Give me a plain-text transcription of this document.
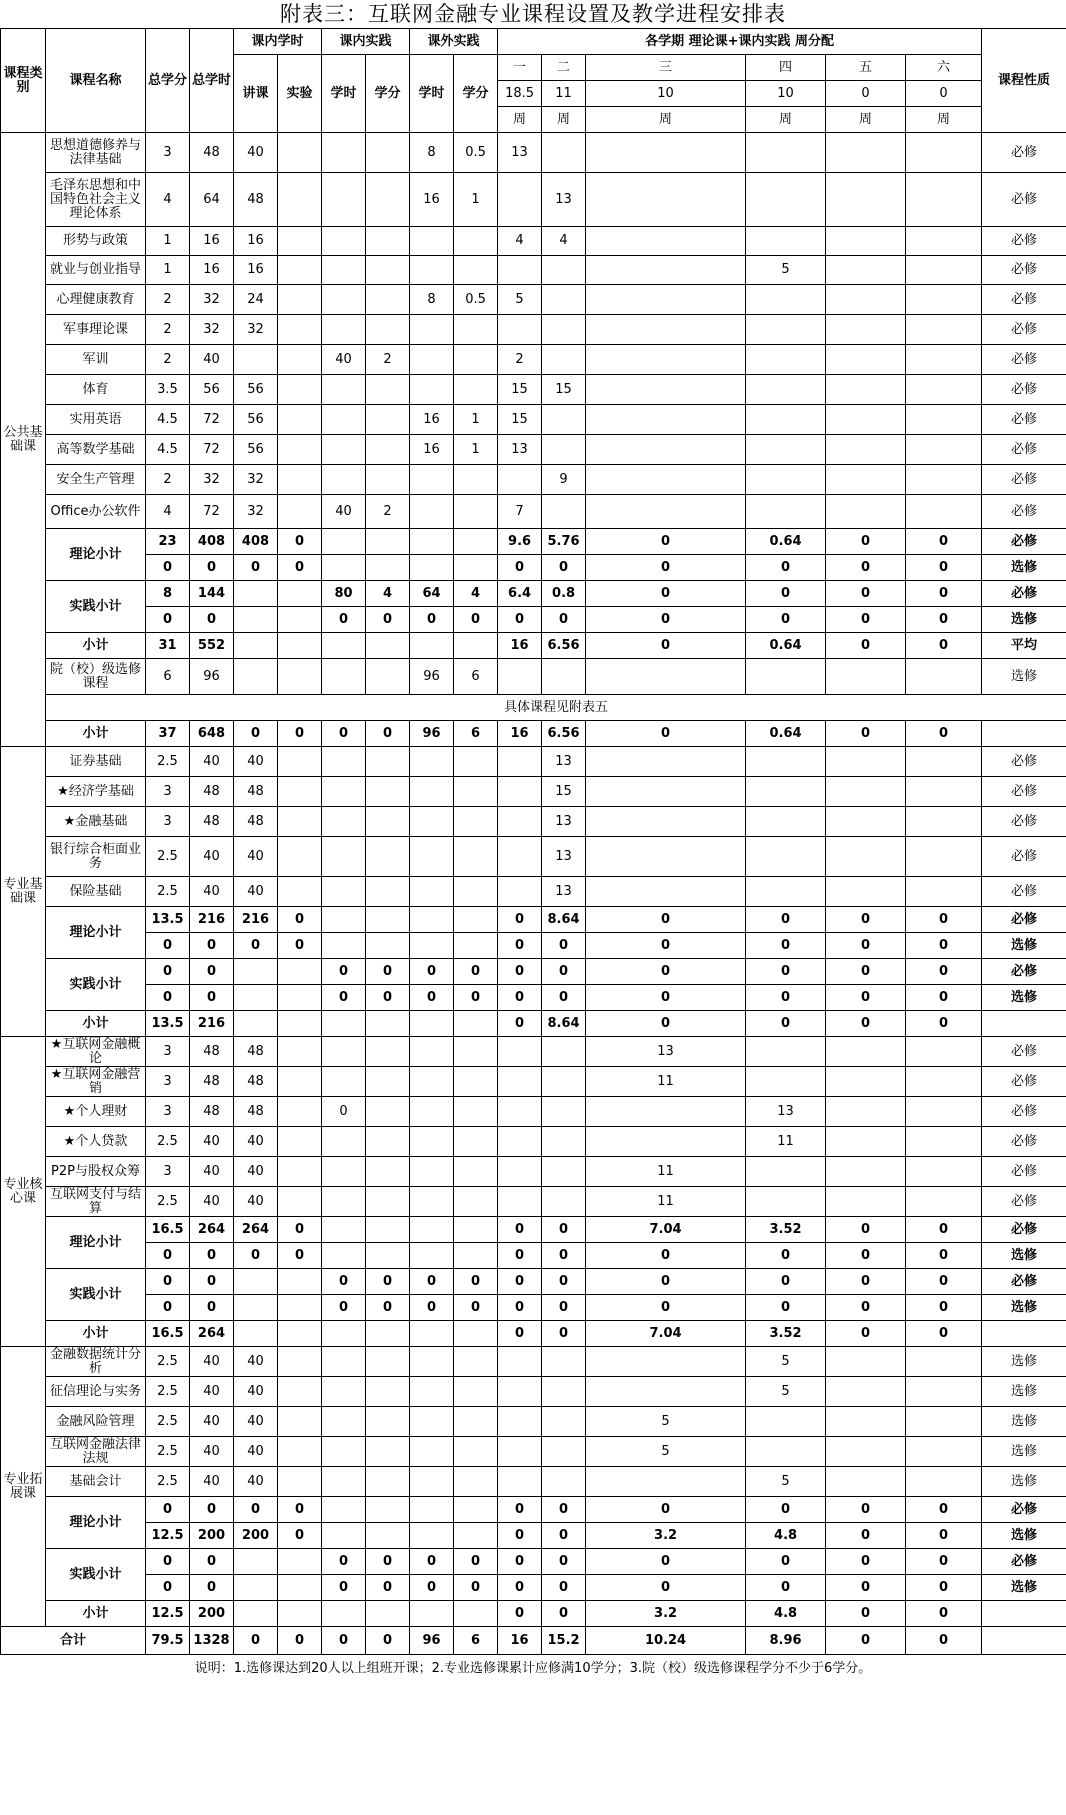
附表三：互联网金融专业课程设置及教学进程安排表
课程类别	课程名称	总学分	总学时	课内学时		课内实践		课外实践		各学期 理论课+课内实践 周分配						课程性质	
				讲课	实验	学时	学分	学时	学分	一	二	三	四	五	六		
										18.5	11	10	10	0	0		
										周	周	周	周	周	周		
公共基础课	思想道德修养与法律基础	3	48	40				8	0.5	13						必修	
	毛泽东思想和中国特色社会主义理论体系	4	64	48				16	1		13					必修	
	形势与政策	1	16	16						4	4					必修	
	就业与创业指导	1	16	16									5			必修	
	心理健康教育	2	32	24				8	0.5	5						必修	
	军事理论课	2	32	32												必修	
	军训	2	40			40	2			2						必修	
	体育	3.5	56	56						15	15					必修	
	实用英语	4.5	72	56				16	1	15						必修	
	高等数学基础	4.5	72	56				16	1	13						必修	
	安全生产管理	2	32	32							9					必修	
	Office办公软件	4	72	32		40	2			7						必修	
	理论小计	23	408	408	0					9.6	5.76	0	0.64	0	0	必修	
		0	0	0	0					0	0	0	0	0	0	选修	
	实践小计	8	144			80	4	64	4	6.4	0.8	0	0	0	0	必修	
		0	0			0	0	0	0	0	0	0	0	0	0	选修	
	小计	31	552							16	6.56	0	0.64	0	0	平均	
	院（校）级选修课程	6	96					96	6							选修	
	具体课程见附表五																
	小计	37	648	0	0	0	0	96	6	16	6.56	0	0.64	0	0		
专业基础课	证券基础	2.5	40	40							13					必修	
	★经济学基础	3	48	48							15					必修	
	★金融基础	3	48	48							13					必修	
	银行综合柜面业务	2.5	40	40							13					必修	
	保险基础	2.5	40	40							13					必修	
	理论小计	13.5	216	216	0					0	8.64	0	0	0	0	必修	
		0	0	0	0					0	0	0	0	0	0	选修	
	实践小计	0	0			0	0	0	0	0	0	0	0	0	0	必修	
		0	0			0	0	0	0	0	0	0	0	0	0	选修	
	小计	13.5	216							0	8.64	0	0	0	0		
专业核心课	★互联网金融概论	3	48	48								13				必修	
	★互联网金融营销	3	48	48								11				必修	
	★个人理财	3	48	48		0							13			必修	
	★个人贷款	2.5	40	40									11			必修	
	P2P与股权众筹	3	40	40								11				必修	
	互联网支付与结算	2.5	40	40								11				必修	
	理论小计	16.5	264	264	0					0	0	7.04	3.52	0	0	必修	
		0	0	0	0					0	0	0	0	0	0	选修	
	实践小计	0	0			0	0	0	0	0	0	0	0	0	0	必修	
		0	0			0	0	0	0	0	0	0	0	0	0	选修	
	小计	16.5	264							0	0	7.04	3.52	0	0		
专业拓展课	金融数据统计分析	2.5	40	40									5			选修	
	征信理论与实务	2.5	40	40									5			选修	
	金融风险管理	2.5	40	40								5				选修	
	互联网金融法律法规	2.5	40	40								5				选修	
	基础会计	2.5	40	40									5			选修	
	理论小计	0	0	0	0					0	0	0	0	0	0	必修	
		12.5	200	200	0					0	0	3.2	4.8	0	0	选修	
	实践小计	0	0			0	0	0	0	0	0	0	0	0	0	必修	
		0	0			0	0	0	0	0	0	0	0	0	0	选修	
	小计	12.5	200							0	0	3.2	4.8	0	0		
合计		79.5	1328	0	0	0	0	96	6	16	15.2	10.24	8.96	0	0		
说明：1.选修课达到20人以上组班开课；2.专业选修课累计应修满10学分；3.院（校）级选修课程学分不少于6学分。
